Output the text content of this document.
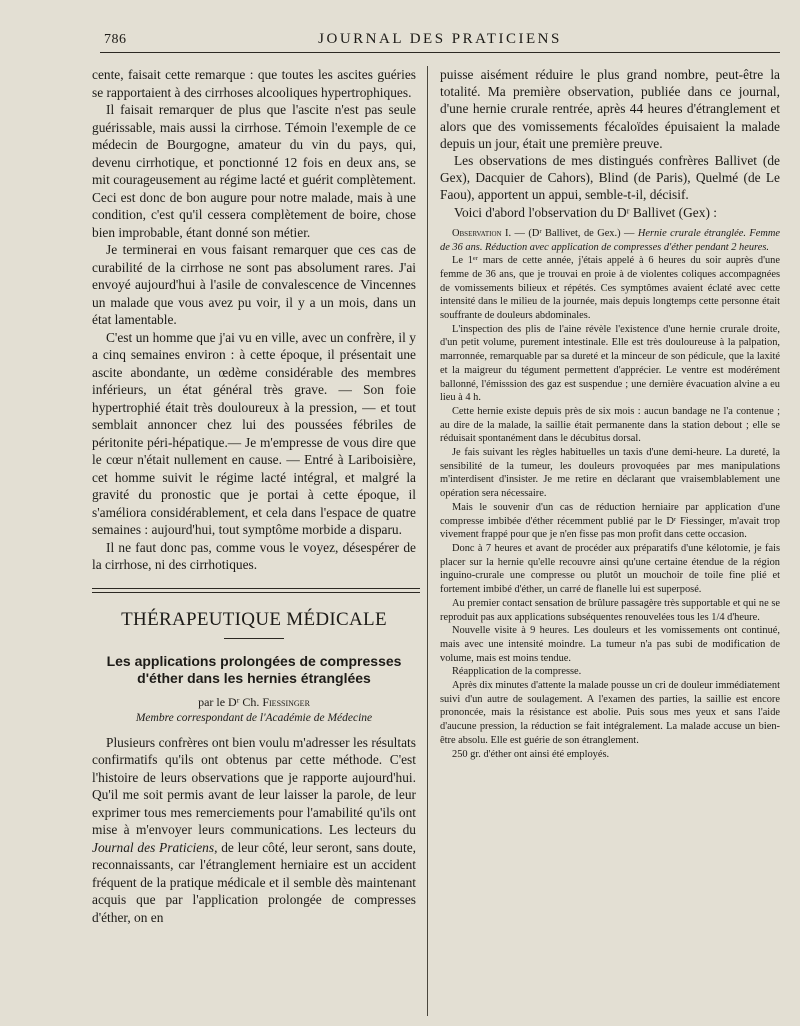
786	JOURNAL DES PRATICIENS

cente, faisait cette remarque : que toutes les ascites guéries se rapportaient à des cirrhoses alcooliques hypertrophiques.

Il faisait remarquer de plus que l'ascite n'est pas seule guérissable, mais aussi la cirrhose. Témoin l'exemple de ce médecin de Bourgogne, amateur du vin du pays, qui, devenu cirrhotique, et ponctionné 12 fois en deux ans, se mit courageusement au régime lacté et guérit complètement. Ceci est donc de bon augure pour notre malade, mais à une condition, c'est qu'il cessera complètement de boire, chose bien improbable, étant donné son métier.

Je terminerai en vous faisant remarquer que ces cas de curabilité de la cirrhose ne sont pas absolument rares. J'ai envoyé aujourd'hui à l'asile de convalescence de Vincennes un malade que vous avez pu voir, il y a un mois, dans un état lamentable.

C'est un homme que j'ai vu en ville, avec un confrère, il y a cinq semaines environ : à cette époque, il présentait une ascite abondante, un œdème considérable des membres inférieurs, un état général très grave. — Son foie hypertrophié était très douloureux à la pression, — et tout semblait annoncer chez lui des poussées fébriles de péritonite péri-hépatique.— Je m'empresse de vous dire que le cœur n'était nullement en cause. — Entré à Lariboisière, cet homme suivit le régime lacté intégral, et malgré la gravité du pronostic que je portai à cette époque, il s'améliora considérablement, et cela dans l'espace de quatre semaines : aujourd'hui, tout symptôme morbide a disparu.

Il ne faut donc pas, comme vous le voyez, désespérer de la cirrhose, ni des cirrhotiques.

THÉRAPEUTIQUE MÉDICALE
Les applications prolongées de compresses d'éther dans les hernies étranglées
par le Dʳ Ch. Fiessinger
Membre correspondant de l'Académie de Médecine

Plusieurs confrères ont bien voulu m'adresser les résultats confirmatifs qu'ils ont obtenus par cette méthode. C'est l'histoire de leurs observations que je rapporte aujourd'hui. Qu'il me soit permis avant de leur laisser la parole, de leur exprimer tous mes remerciements pour l'amabilité qu'ils ont mise à m'envoyer leurs communications. Les lecteurs du Journal des Praticiens, de leur côté, leur seront, sans doute, reconnaissants, car l'étranglement herniaire est un accident fréquent de la pratique médicale et il semble dès maintenant acquis que par l'application prolongée de compresses d'éther, on en

puisse aisément réduire le plus grand nombre, peut-être la totalité. Ma première observation, publiée dans ce journal, d'une hernie crurale rentrée, après 44 heures d'étranglement et alors que des vomissements fécaloïdes épuisaient la malade depuis un jour, était une première preuve.

Les observations de mes distingués confrères Ballivet (de Gex), Dacquier de Cahors), Blind (de Paris), Quelmé (de Le Faou), apportent un appui, semble-t-il, décisif.

Voici d'abord l'observation du Dʳ Ballivet (Gex) :

Observation I. — (Dʳ Ballivet, de Gex.) — Hernie crurale étranglée. Femme de 36 ans. Réduction avec application de compresses d'éther pendant 2 heures.

Le 1ᵉʳ mars de cette année, j'étais appelé à 6 heures du soir auprès d'une femme de 36 ans, que je trouvai en proie à de violentes coliques accompagnées de vomissements bilieux et répétés. Ces symptômes avaient éclaté avec cette intensité dans le milieu de la journée, mais depuis longtemps cette personne était souffrante de douleurs abdominales.

L'inspection des plis de l'aine révèle l'existence d'une hernie crurale droite, d'un petit volume, purement intestinale. Elle est très douloureuse à la palpation, marronnée, remarquable par sa dureté et la minceur de son pédicule, que la laxité et la maigreur du tégument permettent d'apprécier. Le ventre est modérément ballonné, l'émisssion des gaz est suspendue ; une dernière évacuation alvine a eu lieu à 4 h.

Cette hernie existe depuis près de six mois : aucun bandage ne l'a contenue ; au dire de la malade, la saillie était permanente dans la station debout ; elle se réduisait spontanément dans le décubitus dorsal.

Je fais suivant les règles habituelles un taxis d'une demi-heure. La dureté, la sensibilité de la tumeur, les douleurs provoquées par mes manipulations m'interdisent d'insister. Je me retire en déclarant que vraisemblablement une opération sera nécessaire.

Mais le souvenir d'un cas de réduction herniaire par application d'une compresse imbibée d'éther récemment publié par le Dʳ Fiessinger, m'avait trop vivement frappé pour que je n'en fisse pas mon profit dans cette occasion.

Donc à 7 heures et avant de procéder aux préparatifs d'une kélotomie, je fais placer sur la hernie qu'elle recouvre ainsi qu'une certaine étendue de la région inguino-crurale une compresse ou plutôt un mouchoir de toile fine plié et fortement imbibé d'éther, un carré de flanelle lui est superposé.

Au premier contact sensation de brûlure passagère très supportable et qui ne se reproduit pas aux applications subséquentes renouvelées tous les 1/4 d'heure.

Nouvelle visite à 9 heures. Les douleurs et les vomissements ont continué, mais avec une intensité moindre. La tumeur n'a pas subi de modification de volume, mais est moins tendue.

Réapplication de la compresse.

Après dix minutes d'attente la malade pousse un cri de douleur immédiatement suivi d'un autre de soulagement. A l'examen des parties, la saillie est encore prononcée, mais la résistance est abolie. Puis sous mes yeux et sans l'aide d'aucune pression, la réduction se fait intégralement. La malade accuse un bien-être absolu. Elle est guérie de son étranglement.

250 gr. d'éther ont ainsi été employés.
